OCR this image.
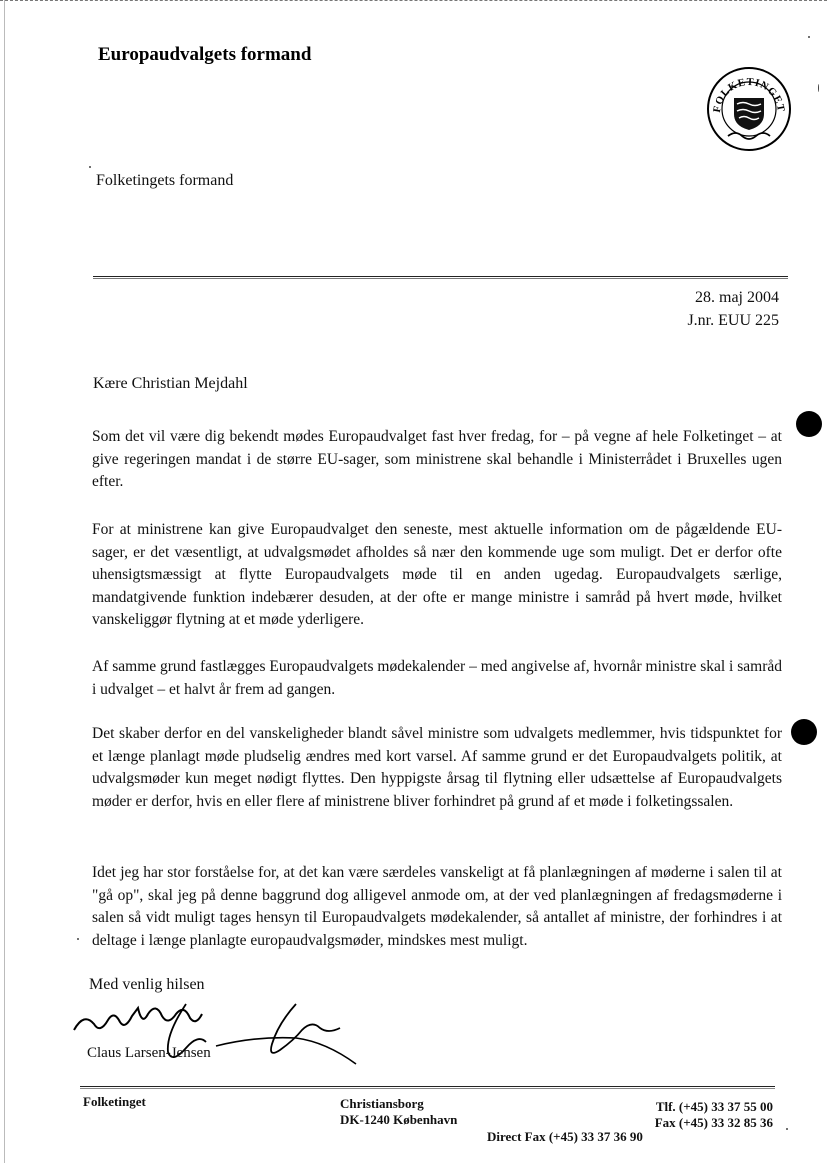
Europaudvalgets formand
FOLKETINGET
Folketingets formand
28. maj 2004
J.nr. EUU 225
Kære Christian Mejdahl
Som det vil være dig bekendt mødes Europaudvalget fast hver fredag, for – på vegne af hele Folketinget – at give regeringen mandat i de større EU-sager, som ministrene skal behandle i Ministerrådet i Bruxelles ugen efter.
For at ministrene kan give Europaudvalget den seneste, mest aktuelle information om de pågældende EU-sager, er det væsentligt, at udvalgsmødet afholdes så nær den kommende uge som muligt. Det er derfor ofte uhensigtsmæssigt at flytte Europaudvalgets møde til en anden ugedag. Europaudvalgets særlige, mandatgivende funktion indebærer desuden, at der ofte er mange ministre i samråd på hvert møde, hvilket vanskeliggør flytning at et møde yderligere.
Af samme grund fastlægges Europaudvalgets mødekalender – med angivelse af, hvornår ministre skal i samråd i udvalget – et halvt år frem ad gangen.
Det skaber derfor en del vanskeligheder blandt såvel ministre som udvalgets medlemmer, hvis tidspunktet for et længe planlagt møde pludselig ændres med kort varsel. Af samme grund er det Europaudvalgets politik, at udvalgsmøder kun meget nødigt flyttes. Den hyppigste årsag til flytning eller udsættelse af Europaudvalgets møder er derfor, hvis en eller flere af ministrene bliver forhindret på grund af et møde i folketingssalen.
Idet jeg har stor forståelse for, at det kan være særdeles vanskeligt at få planlægningen af møderne i salen til at "gå op", skal jeg på denne baggrund dog alligevel anmode om, at der ved planlægningen af fredagsmøderne i salen så vidt muligt tages hensyn til Europaudvalgets mødekalender, så antallet af ministre, der forhindres i at deltage i længe planlagte europaudvalgsmøder, mindskes mest muligt.
Med venlig hilsen
Claus Larsen-Jensen
Folketinget	Christiansborg
DK-1240 København
Tlf. (+45) 33 37 55 00
Fax (+45) 33 32 85 36
Direct Fax (+45) 33 37 36 90
